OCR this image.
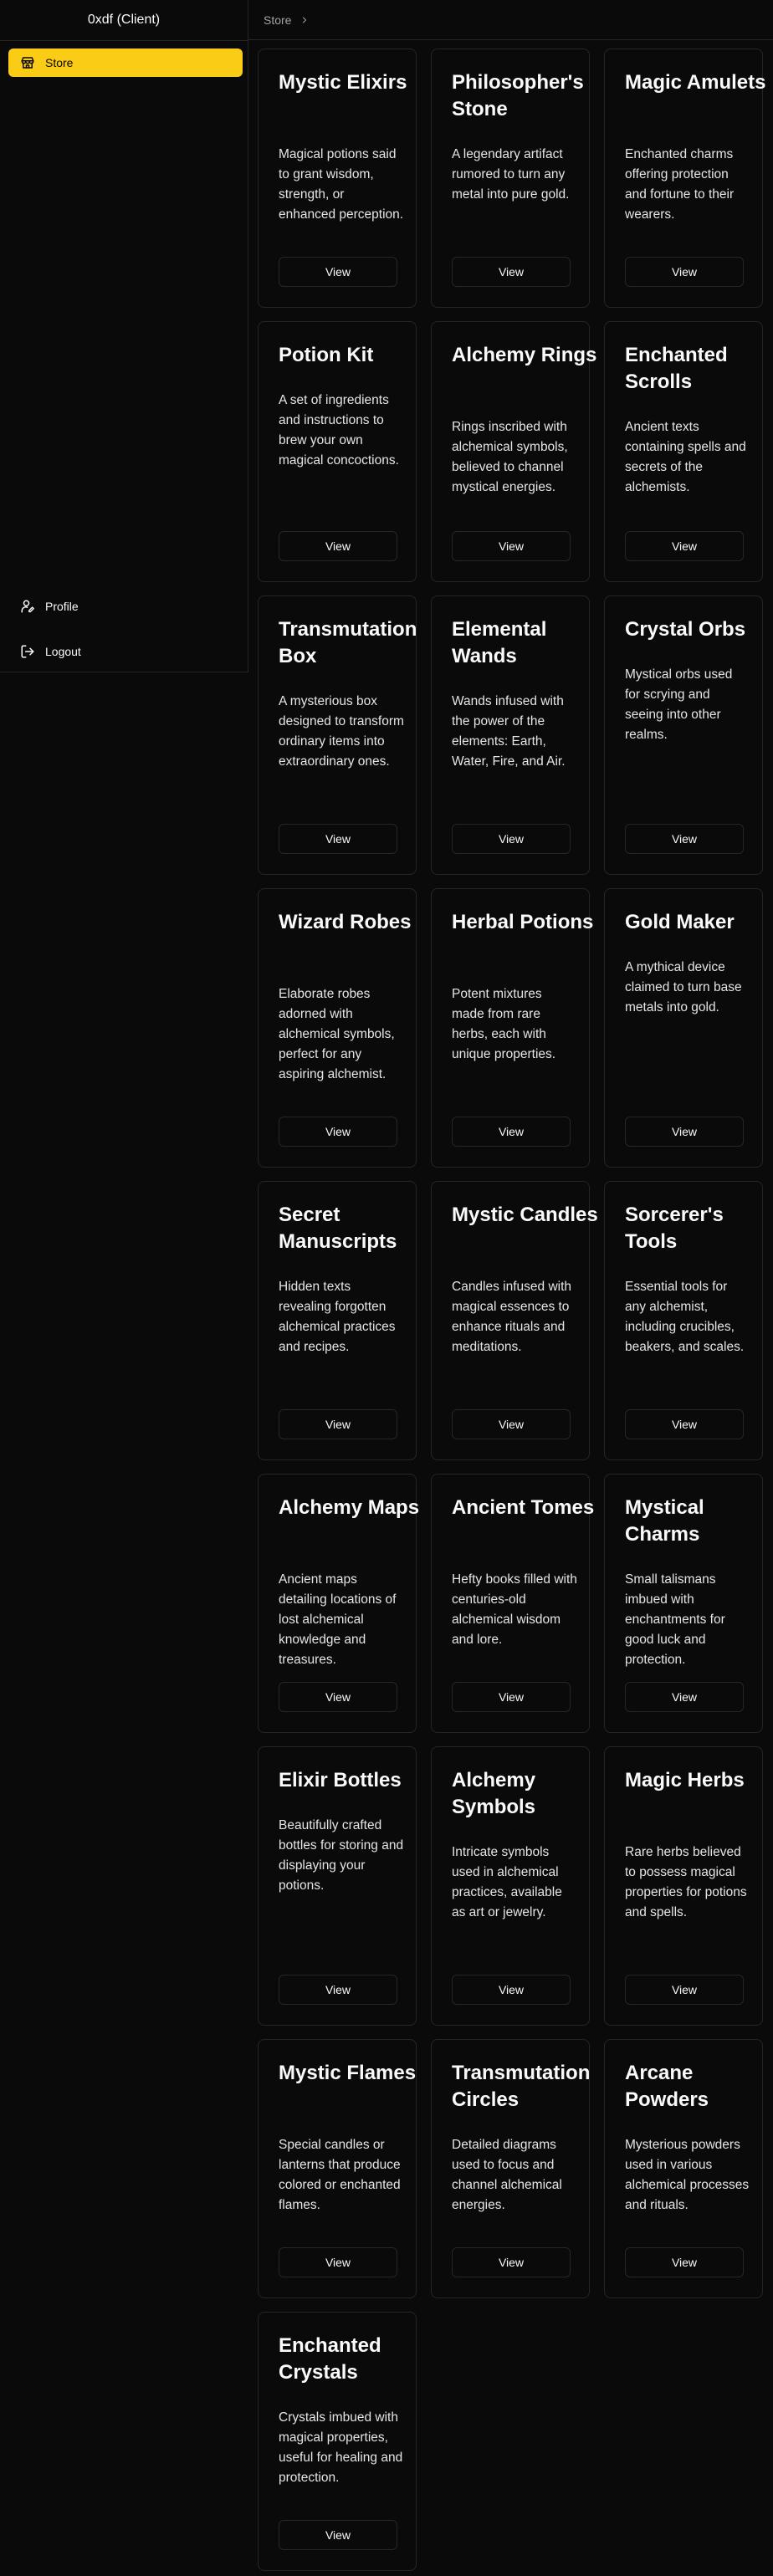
0xdf (Client)
Store
Profile
Logout
Store
Mystic Elixirs
Magical potions said to grant wisdom, strength, or enhanced perception.
View
Philosopher's Stone
A legendary artifact rumored to turn any metal into pure gold.
View
Magic Amulets
Enchanted charms offering protection and fortune to their wearers.
View
Potion Kit
A set of ingredients and instructions to brew your own magical concoctions.
View
Alchemy Rings
Rings inscribed with alchemical symbols, believed to channel mystical energies.
View
Enchanted Scrolls
Ancient texts containing spells and secrets of the alchemists.
View
Transmutation Box
A mysterious box designed to transform ordinary items into extraordinary ones.
View
Elemental Wands
Wands infused with the power of the elements: Earth, Water, Fire, and Air.
View
Crystal Orbs
Mystical orbs used for scrying and seeing into other realms.
View
Wizard Robes
Elaborate robes adorned with alchemical symbols, perfect for any aspiring alchemist.
View
Herbal Potions
Potent mixtures made from rare herbs, each with unique properties.
View
Gold Maker
A mythical device claimed to turn base metals into gold.
View
Secret Manuscripts
Hidden texts revealing forgotten alchemical practices and recipes.
View
Mystic Candles
Candles infused with magical essences to enhance rituals and meditations.
View
Sorcerer's Tools
Essential tools for any alchemist, including crucibles, beakers, and scales.
View
Alchemy Maps
Ancient maps detailing locations of lost alchemical knowledge and treasures.
View
Ancient Tomes
Hefty books filled with centuries-old alchemical wisdom and lore.
View
Mystical Charms
Small talismans imbued with enchantments for good luck and protection.
View
Elixir Bottles
Beautifully crafted bottles for storing and displaying your potions.
View
Alchemy Symbols
Intricate symbols used in alchemical practices, available as art or jewelry.
View
Magic Herbs
Rare herbs believed to possess magical properties for potions and spells.
View
Mystic Flames
Special candles or lanterns that produce colored or enchanted flames.
View
Transmutation Circles
Detailed diagrams used to focus and channel alchemical energies.
View
Arcane Powders
Mysterious powders used in various alchemical processes and rituals.
View
Enchanted Crystals
Crystals imbued with magical properties, useful for healing and protection.
View
